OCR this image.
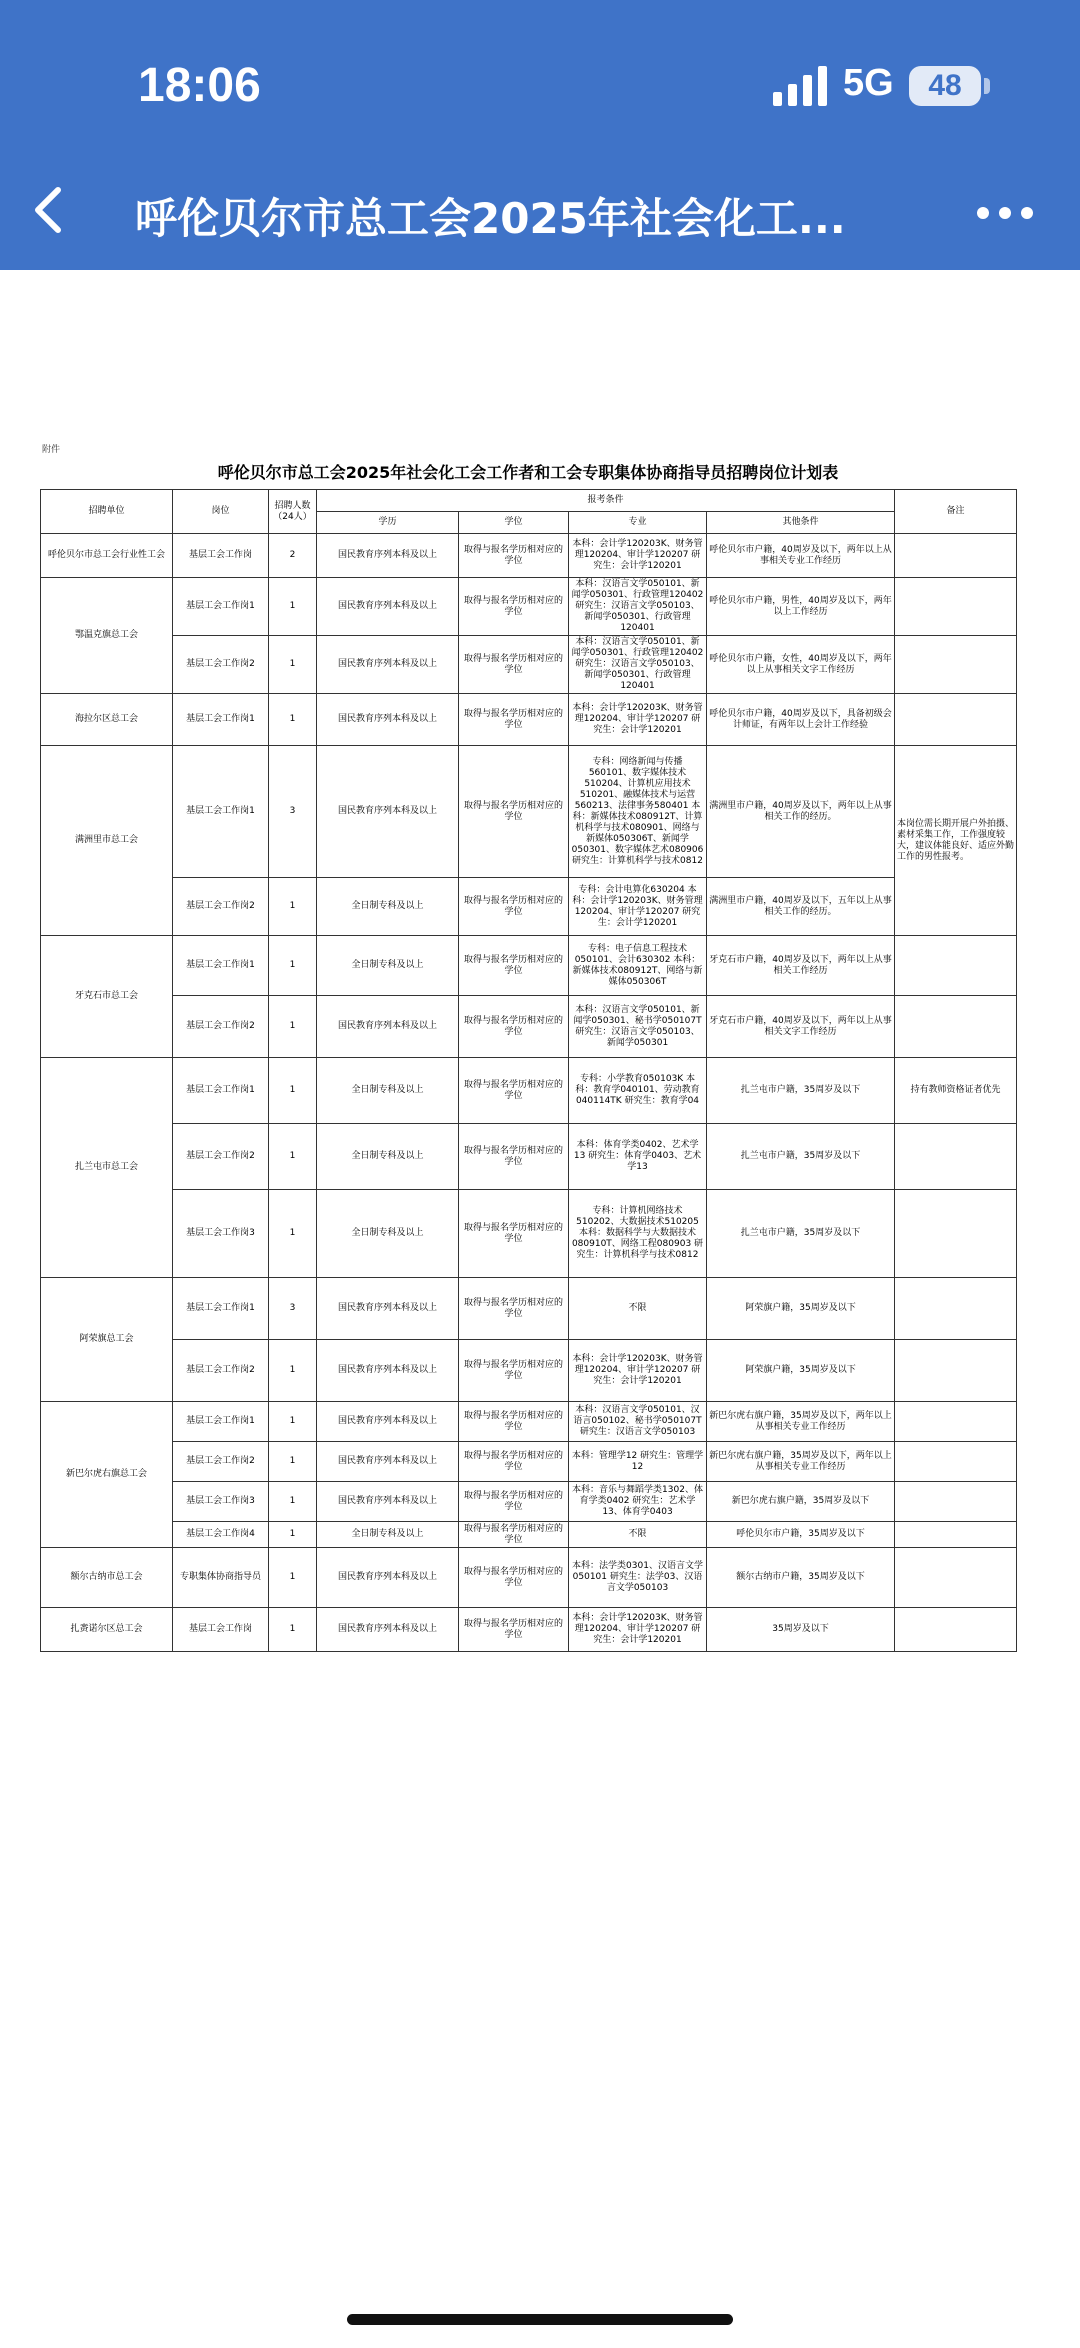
18:06	5G	48
呼伦贝尔市总工会2025年社会化工...
附件
呼伦贝尔市总工会2025年社会化工会工作者和工会专职集体协商指导员招聘岗位计划表
招聘单位	岗位	招聘人数（24人）	报考条件				备注
			学历	学位	专业	其他条件	
呼伦贝尔市总工会行业性工会	基层工会工作岗	2	国民教育序列本科及以上	取得与报名学历相对应的学位	本科：会计学120203K、财务管理120204、审计学120207 研究生：会计学120201	呼伦贝尔市户籍，40周岁及以下，两年以上从事相关专业工作经历	
鄂温克旗总工会	基层工会工作岗1	1	国民教育序列本科及以上	取得与报名学历相对应的学位	本科：汉语言文学050101、新闻学050301、行政管理120402 研究生：汉语言文学050103、新闻学050301、行政管理120401	呼伦贝尔市户籍，男性，40周岁及以下，两年以上工作经历	
	基层工会工作岗2	1	国民教育序列本科及以上	取得与报名学历相对应的学位	本科：汉语言文学050101、新闻学050301、行政管理120402 研究生：汉语言文学050103、新闻学050301、行政管理120401	呼伦贝尔市户籍，女性，40周岁及以下，两年以上从事相关文字工作经历	
海拉尔区总工会	基层工会工作岗1	1	国民教育序列本科及以上	取得与报名学历相对应的学位	本科：会计学120203K、财务管理120204、审计学120207 研究生：会计学120201	呼伦贝尔市户籍，40周岁及以下，具备初级会计师证，有两年以上会计工作经验	
满洲里市总工会	基层工会工作岗1	3	国民教育序列本科及以上	取得与报名学历相对应的学位	专科：网络新闻与传播560101、数字媒体技术510204、计算机应用技术510201、融媒体技术与运营560213、法律事务580401 本科：新媒体技术080912T、计算机科学与技术080901、网络与新媒体050306T、新闻学050301、数字媒体艺术080906 研究生：计算机科学与技术0812	满洲里市户籍，40周岁及以下，两年以上从事相关工作的经历。	本岗位需长期开展户外拍摄、素材采集工作，工作强度较大，建议体能良好、适应外勤工作的男性报考。
	基层工会工作岗2	1	全日制专科及以上	取得与报名学历相对应的学位	专科：会计电算化630204 本科：会计学120203K、财务管理120204、审计学120207 研究生：会计学120201	满洲里市户籍，40周岁及以下，五年以上从事相关工作的经历。	
牙克石市总工会	基层工会工作岗1	1	全日制专科及以上	取得与报名学历相对应的学位	专科：电子信息工程技术050101、会计630302 本科：新媒体技术080912T、网络与新媒体050306T	牙克石市户籍，40周岁及以下，两年以上从事相关工作经历	
	基层工会工作岗2	1	国民教育序列本科及以上	取得与报名学历相对应的学位	本科：汉语言文学050101、新闻学050301、秘书学050107T 研究生：汉语言文学050103、新闻学050301	牙克石市户籍，40周岁及以下，两年以上从事相关文字工作经历	
扎兰屯市总工会	基层工会工作岗1	1	全日制专科及以上	取得与报名学历相对应的学位	专科：小学教育050103K 本科：教育学040101、劳动教育040114TK 研究生：教育学04	扎兰屯市户籍，35周岁及以下	持有教师资格证者优先
	基层工会工作岗2	1	全日制专科及以上	取得与报名学历相对应的学位	本科：体育学类0402、艺术学13 研究生：体育学0403、艺术学13	扎兰屯市户籍，35周岁及以下	
	基层工会工作岗3	1	全日制专科及以上	取得与报名学历相对应的学位	专科：计算机网络技术510202、大数据技术510205 本科：数据科学与大数据技术080910T、网络工程080903 研究生：计算机科学与技术0812	扎兰屯市户籍，35周岁及以下	
阿荣旗总工会	基层工会工作岗1	3	国民教育序列本科及以上	取得与报名学历相对应的学位	不限	阿荣旗户籍，35周岁及以下	
	基层工会工作岗2	1	国民教育序列本科及以上	取得与报名学历相对应的学位	本科：会计学120203K、财务管理120204、审计学120207 研究生：会计学120201	阿荣旗户籍，35周岁及以下	
新巴尔虎右旗总工会	基层工会工作岗1	1	国民教育序列本科及以上	取得与报名学历相对应的学位	本科：汉语言文学050101、汉语言050102、秘书学050107T 研究生：汉语言文学050103	新巴尔虎右旗户籍，35周岁及以下，两年以上从事相关专业工作经历	
	基层工会工作岗2	1	国民教育序列本科及以上	取得与报名学历相对应的学位	本科：管理学12 研究生：管理学12	新巴尔虎右旗户籍，35周岁及以下，两年以上从事相关专业工作经历	
	基层工会工作岗3	1	国民教育序列本科及以上	取得与报名学历相对应的学位	本科：音乐与舞蹈学类1302、体育学类0402 研究生：艺术学13、体育学0403	新巴尔虎右旗户籍，35周岁及以下	
	基层工会工作岗4	1	全日制专科及以上	取得与报名学历相对应的学位	不限	呼伦贝尔市户籍，35周岁及以下	
额尔古纳市总工会	专职集体协商指导员	1	国民教育序列本科及以上	取得与报名学历相对应的学位	本科：法学类0301、汉语言文学050101 研究生：法学03、汉语言文学050103	额尔古纳市户籍，35周岁及以下	
扎赉诺尔区总工会	基层工会工作岗	1	国民教育序列本科及以上	取得与报名学历相对应的学位	本科：会计学120203K、财务管理120204、审计学120207 研究生：会计学120201	35周岁及以下	
